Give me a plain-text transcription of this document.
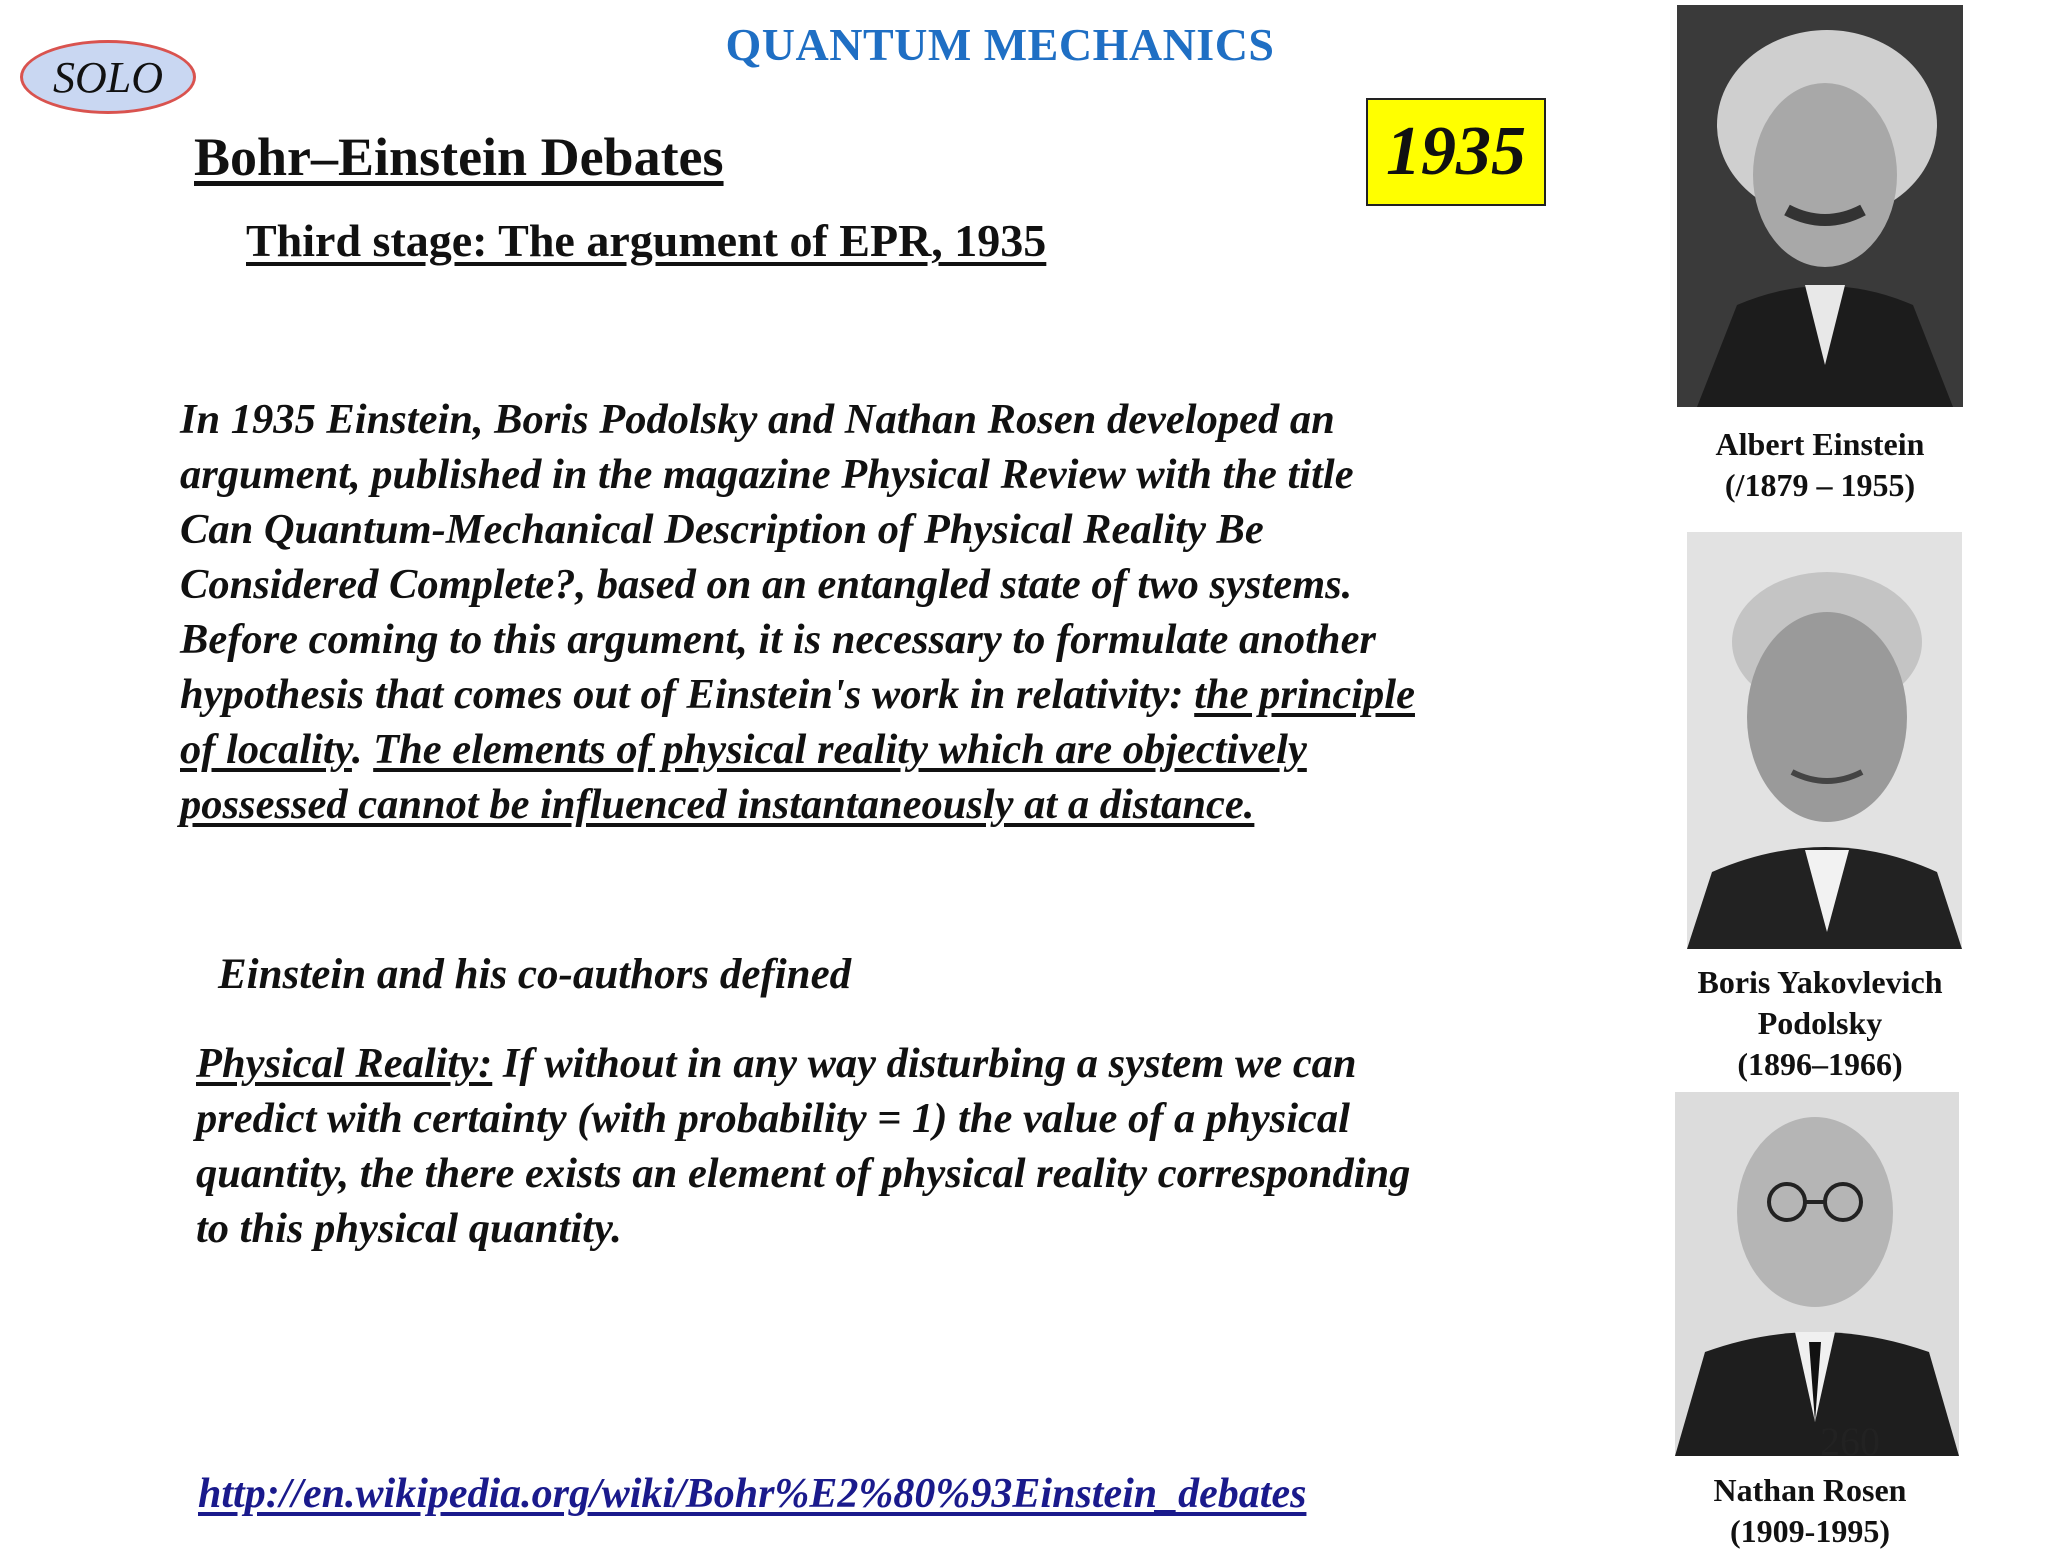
SOLO
QUANTUM MECHANICS
Bohr–Einstein Debates	1935
Third stage: The argument of EPR, 1935
In 1935 Einstein, Boris Podolsky and Nathan Rosen developed an
argument, published in the magazine Physical Review with the title
Can Quantum-Mechanical Description of Physical Reality Be
Considered Complete?, based on an entangled state of two systems.
Before coming to this argument, it is necessary to formulate another
hypothesis that comes out of Einstein's work in relativity: the principle
of locality. The elements of physical reality which are objectively
possessed cannot be influenced instantaneously at a distance.
Einstein and his co-authors defined
Physical Reality: If without in any way disturbing a system we can
predict with certainty (with probability = 1) the value of a physical
quantity, the there exists an element of physical reality corresponding
to this physical quantity.
http://en.wikipedia.org/wiki/Bohr%E2%80%93Einstein_debates
Albert Einstein
(/1879 – 1955)
Boris Yakovlevich
Podolsky
(1896–1966)
260
Nathan Rosen
(1909-1995)
